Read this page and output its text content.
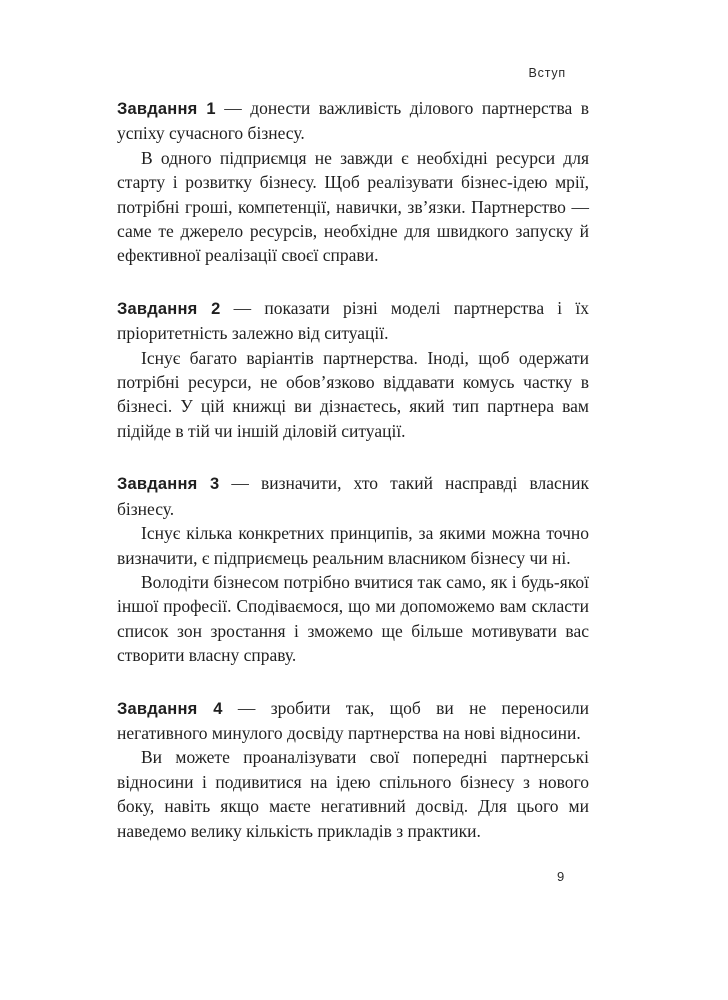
Вступ

Завдання 1 — донести важливість ділового партнерства в успіху сучасного бізнесу.

В одного підприємця не завжди є необхідні ресурси для старту і розвитку бізнесу. Щоб реалізувати бізнес-ідею мрії, потрібні гроші, компетенції, навички, зв’язки. Партнерство — саме те джерело ресурсів, необхідне для швидкого запуску й ефективної реалізації своєї справи.

Завдання 2 — показати різні моделі партнерства і їх пріоритетність залежно від ситуації.

Існує багато варіантів партнерства. Іноді, щоб одержати потрібні ресурси, не обов’язково віддавати комусь частку в бізнесі. У цій книжці ви дізнаєтесь, який тип партнера вам підійде в тій чи іншій діловій ситуації.

Завдання 3 — визначити, хто такий насправді власник бізнесу.

Існує кілька конкретних принципів, за якими можна точно визначити, є підприємець реальним власником бізнесу чи ні.

Володіти бізнесом потрібно вчитися так само, як і будь-якої іншої професії. Сподіваємося, що ми допоможемо вам скласти список зон зростання і зможемо ще більше мотивувати вас створити власну справу.

Завдання 4 — зробити так, щоб ви не переносили негативного минулого досвіду партнерства на нові відносини.

Ви можете проаналізувати свої попередні партнерські відносини і подивитися на ідею спільного бізнесу з нового боку, навіть якщо маєте негативний досвід. Для цього ми наведемо велику кількість прикладів з практики.

9
